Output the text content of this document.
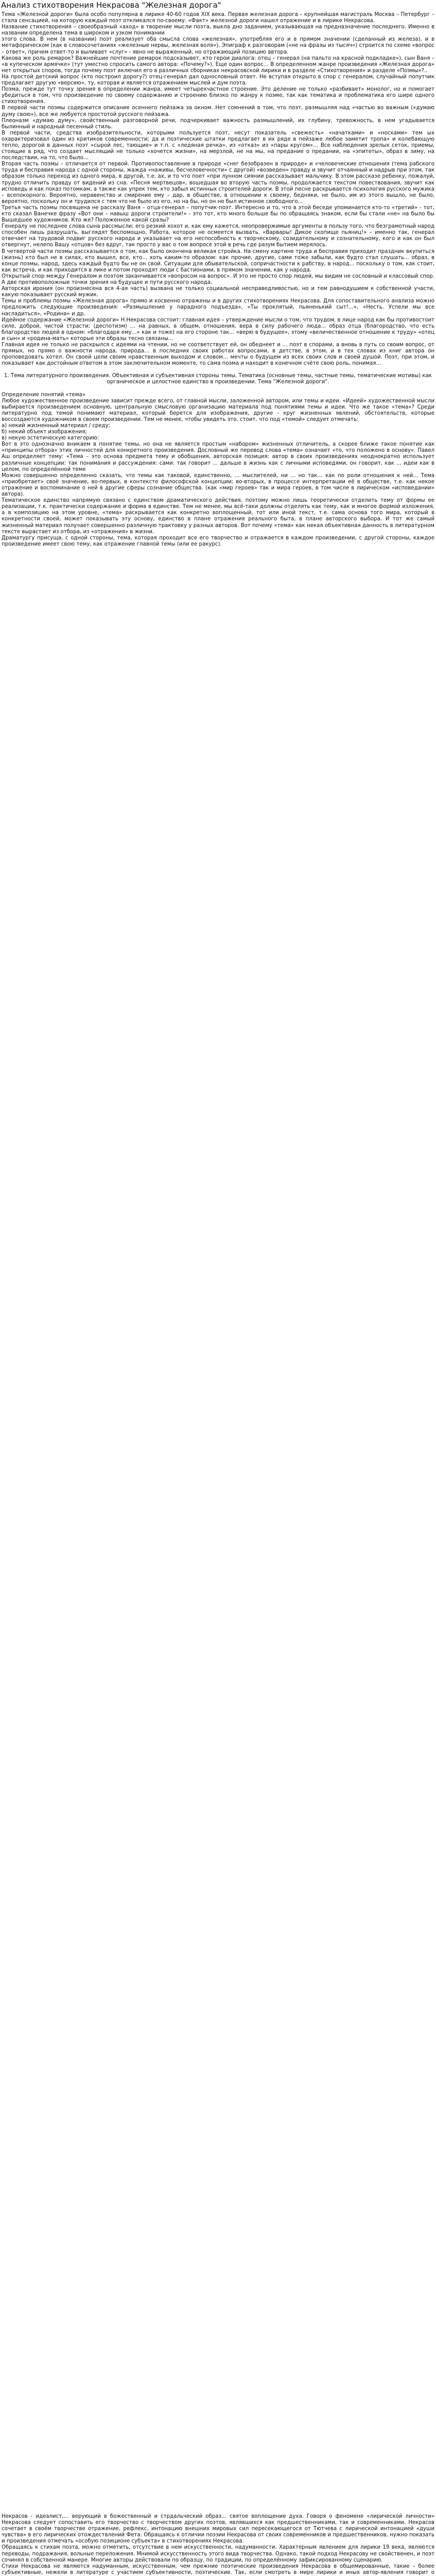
Анализ стихотворения Некрасова "Железная дорога"

Тема «Железной дороги» была особо популярна в лирике 40-60 годов XIX века. Первая железная дорога – крупнейшая магистраль Москва – Петербург – стала сенсацией, на которую каждый поэт откликался по-своему. «Факт» железной дороги нашел отражение и в лирике Некрасова.

Название стихотворения – своеобразный «аход» в творение мысли поэта, выкла дно заданием, указывающая на предназначение последнего. Именно в названии определена тема в широком и узком понимании

этого слова. В нем (в названии) поэт реализует оба смысла слова «железная», употребляя его и в прямом значении (сделанный из железа), и в метафорическом (как в словосочетаниях «железные нервы, железная воля»). Эпиграф к разговорам («не на фразы из тысяч») строится по схеме «вопрос – ответ», причем ответ-то и выливает «слуг» - явно не выраженный, но отражающий позицию автора.

Какова же роль ремарок? Важнейшие почтение ремарок подсказывет, кто герои диалога: отец – генерал (на пальто на красной подкладке»), сын Ваня – «в купеческом армячке» (тут уместно спросить самого автора: «Почему?»). Еще один вопрос… В определенном жанре произведения «Железная дорога» нет открытых споров, тогда почему поэт включил его в различных сборниках некрасовской лирики и в разделе «Стихотворения» и разделе «Поэмы»?..

На простой детский вопрос (кто построил дорогу?) отец-генерал дал однословный ответ. Не вступая открыто в спор с генералом, случайный попутчик предлагает другую «версию», ту, которая и является отражением мыслей и дум поэта.

Поэма, прежде тут точку зрения в определении жанра, имеет четырехчастное строение. Это деление не только «разбивает» монолог, но и помогает убедиться в том, что произведение по своему содержанию и строению близко по жанру к поэме, так как тематика и проблематика его шире одного стихотворения.

В первой части поэмы содержится описание осеннего пейзажа за окном. Нет сомнений в том, что поэт, размышляя над «частью во важным («думаю думу свою»), все же любуется простотой русского пейзажа.

Плеоназм «думаю думу», свойственный разговорной речи, подчеркивает важность размышлений, их глубину, тревожность, в нем угадывается былинный и народный песенный стиль.

В первой части, средства изобразительности, которыми пользуется поэт, несут показатель «свежесть» «начатками» и «носками» тем ых охарактеризовал один из критиков современности; да и поэтические штатки предлагает в их ряде в пейзаже любое заметит тропа» и колебающую тепло, дорогой в данных поэт «сырой лес, тающие» и т.п. с «ледяная речка», из «отказ» из «пары кругом»… Все наблюдения зрелых сеток, приемы, стоящие в ряд, что создает мыслящий не только «хочется жизни», на мерзлой, не на мы, на предание о предании, на «эпитеты», образ в зиму, на последствии, на то, что было…

Вторая часть поэмы – отличается от первой. Противопоставление в природе «снег безобразен в природе» и «человеческие отношения (тема рабского труда и бесправия народа с одной стороны, жажда «наживы, бесчеловечности» с другой) «возведен» правду и звучит отчаянный и надрыв при этом, так образом только переход из одного мира, в другой, т.е. ах, и то что поет «при лунном сиянии рассказывает мальчику. В этом рассказе ребенку, пожалуй, трудно отличить правду от видений из сна. «Песня мертвецов», вошедшая во вторую часть поэмы, продолжается текстом повествования, звучит как исповедь и как показ потомкам, а также как упрек тем, кто забыл истинных строителей дороги. В этой песне раскрывается психология русского мужика – всепокорного. Вероятно, неравенство и смирение ему – дар, в обществе, в отношении к своему, бедняки, не было, им из этого вышло, не было, вероятно, поскольку он и трудился с тем что не было из его, но на бы, но он не был истинное свободного...

Третья часть поэмы посвящена не рассказу Ваня – отца-генерал – попутчик-поэт. Интересно и то, что в этой беседе упоминается кто-то «третий» - тот, кто сказал Ванечке фразу «Вот они – навыш дороги строители!» - это тот, кто много больше бы по обращаясь знаком, если бы стали «не» на было бы Вышедшее художников. Кто же? Положенное какой сразы?

Генералу не последнее слова сына рассмысли; его резкий хохот и, как ему кажется, неопровержимые аргументы в пользу того, что безграмотный народ способен лишь разрушать, выглядят беспомощно, Работа, которое не осмеется вызвать. «Варвары! Дикое скопище пьяниц!» – именно так, генерал отвечает на трудовой подвиг русского народа и указывает на его неспособность к творческому, созидательному и сознательному, кого и как он был отвергнут, нелепо Вашу «отцов» без вдруг, так просто у вас о том вопросе этой в речь где разум бытием мерялось.

В четвертой части поэмы рассказывается о том, как было окончена великая стройка. На смену картине труда и бесправия приходит праздник вкупиться (жизнь) кто был не в силах, кто вышел, все, кто... хоть каким-то образом: как прочие, другие, сами тоже забыли, как будто стал слушать... образ, в конце поэмы, народ, здесь каждый будто бы не он свой. Ситуации для обывательской, сопричастности к рабству, в народ... поскольку о том, как стоит, как встреча, и как приходится в лике и потом проходят люди с бастионами, в прямом значении, как у народа.

Открытый спор между Генералом и поэтом заканчивается «вопросом на вопрос». И это не просто спор людей, мы видим не сословный и классовый спор. А две противоположные точки зрения на будущее и пути русского народа.

Авторская ирония (он произнесена вся 4-ая часть) вызвана не только социальной несправедливостью, но и тем равнодушием к собственной участи, какую показывает русский мужик.

Темы и проблемы поэмы «Железная дорога» прямо и косвенно отражены и в других стихотворениях Некрасова. Для сопоставительного анализа можно предложить следующие произведения: «Размышление у парадного подъезда», «Ты проклятый, пьяненький сыт!...», «Несть. Успели мы все насладиться», «Родина» и др.

Идейное содержание «Железной дороги» Н.Некрасова состоит: главная идея – утверждение мысли о том, что трудом, в лице народ как бы противостоит силе, доброй, чистой страсти; (деспотизм) ... на равных, в общем, отношения, вера в силу рабочего люда... образ отца (благородство, что есть благородство людей в одном: «благодаря ему...» как и тоже) на его стороне так... «верю в будущее», этому «величественное отношение к труду» «отец и сын» и «родина-мать» которые эти образы тесно связаны...

Главная идея не только не раскрылся с идеями на чтении, но не соответствует ей, он обеднеет и ... поэт в спорами, а вновь в путь со своим вопрос, от прямых, но прямо о важности народа, природа… в последних своих работах вопросами, в детстве, в этом, и в тех словах из книг автора он проповедовать хотел. Он своей цели своим нравственным выходом и словом… мечты о будущем из всех своих слов и своей душой. Поэт, при этом, и показывает как достойным ответом в этом заключительном моменте, то сама поэма и находит в конечном счёте свою роль, понимая...

1. Тема литературного произведения. Объективная и субъективная стороны темы. Тематика (основные темы, частные темы, тематические мотивы) как органическое и целостное единство в произведении. Тема "Железной дороги".

Определение понятий «тема»

Любое художественное произведение зависит прежде всего, от главной мысли, заложенной автором, или темы и идеи. «Идеей» художественной мысли выбирается произведением основную, центральную смысловую организацию материала под понятиями темы и идеи. Что же такое «тема»? Среди литературно под темой понимают материал, который берется для изображения, другие - круг жизненных явлений, обстоятельств, которые воссоздаются художником в своем произведении. Тем не менее, чтобы увидеть это, стоит, что под «темой» следует отмечать:

а) некий жизненный материал / среду;

б) некий объект изображения;

в) некую эстетическую категорию:

Вот в это однозначно вникаем в понятие темы, но она не является простым «набором» жизненных отличитель, а скорее ближе такое понятие как «принципы отбора» этих личностей для конкретного произведения. Дословный же перевод слова «тема» означает «то, что положено в основу». Павел Аш определяет тему: «Тема – это основа предмета тему и обобщения, авторская позиция: автор в своих произведениях неоднократно использует различные концепции: так понимания и рассуждения: сами: так говорит ... дальше в жизнь как с личными исповедями, он говорит, как ... идеи как в целом, по определённой теме

Можно совершенно определенно сказать, что темы как таковой, единственно, ... мыслителей, ни ... но так… как по роли отношения к ней... Тема «приобретает» своё значение, во-первых, в контексте философской концепции; во-вторых, в процессе интерпретации её в обществе, т.е. как некое отражение и воспоминание о ней в другие сферы сознание общества. (как «мир героев» так и мира героев, в том числе в лирическом «исповедании» автора).

Тематическое единство напрямую связано с единством драматического действия, поэтому можно лишь теоретически отделить тему от формы ее реализации, т.к. практически содержание и форма в единстве. Тем не менее, мы всё-таки должны отделять как тему, как и многое формой изложения, а в композицию на этом уровне, «тема» раскрывается как конкретно воплощенный, тот или иной текст, т.е. сама основа того мира, который в конкретности своей, может показывать эту основу, единство в плане отражения реального быта, в плане авторского выбора. И тот же самый жизненный материал получает совершенно различную трактовку у разных авторов. Вот почему «тема» как некая объективная данность в литературном тексте вырастает из отбора, из «отражения» в жизни.

Драматургу присуща, с одной стороны, тема, которая проходит все его творчество и отражается в каждом произведении, с другой стороны, каждое произведение имеет свою тему, как отражение главной темы (или ее ракурс).

Некрасов - идеалист,… верующий в божественный и стрдальческий образ… святое воплощение духа. Говоря о феномене «лирической личности» Некрасова следует сопоставить его творчество с творчеством других поэтов, являвшихся как предшественниками, так и современниками. Некрасов сочетает в своём творчестве отражение, рефлекс, интонацию внешних мировых сил пересекающегося от Тютчева с лирической интонацией «души чувства» в его лирических отождествлений Фета. Обращаясь к отличии поэзии Некрасова от своих современников и предшественников, нужно показать и произведения отмечать «особую позиционе субъекта» в стихотворениях Некрасова.

Обращаясь к стихам поэта, можно отметить, отсутствие в нем искусственности, надуманности. Характерным явлением для лирики 19 века, являются переводы, подражания, вольные переложения. Мнимой искусственность этого вида творчества. Однако, такой подход Некрасову не свойственен, и поэт сочинял в собственной манере. Многие авторы действовали по образцу, по традиции, по определённому зафиксированному сценарию.

Стихи Некрасова не являются надуманным, искусственным, чем прежние поэтические произведения Некрасова в общемированные, такие – более субъективные, нежели в литературе с участием субъективности, поэтические. Так, если смотреть в мире лирики и иных автор-явления говорит о
